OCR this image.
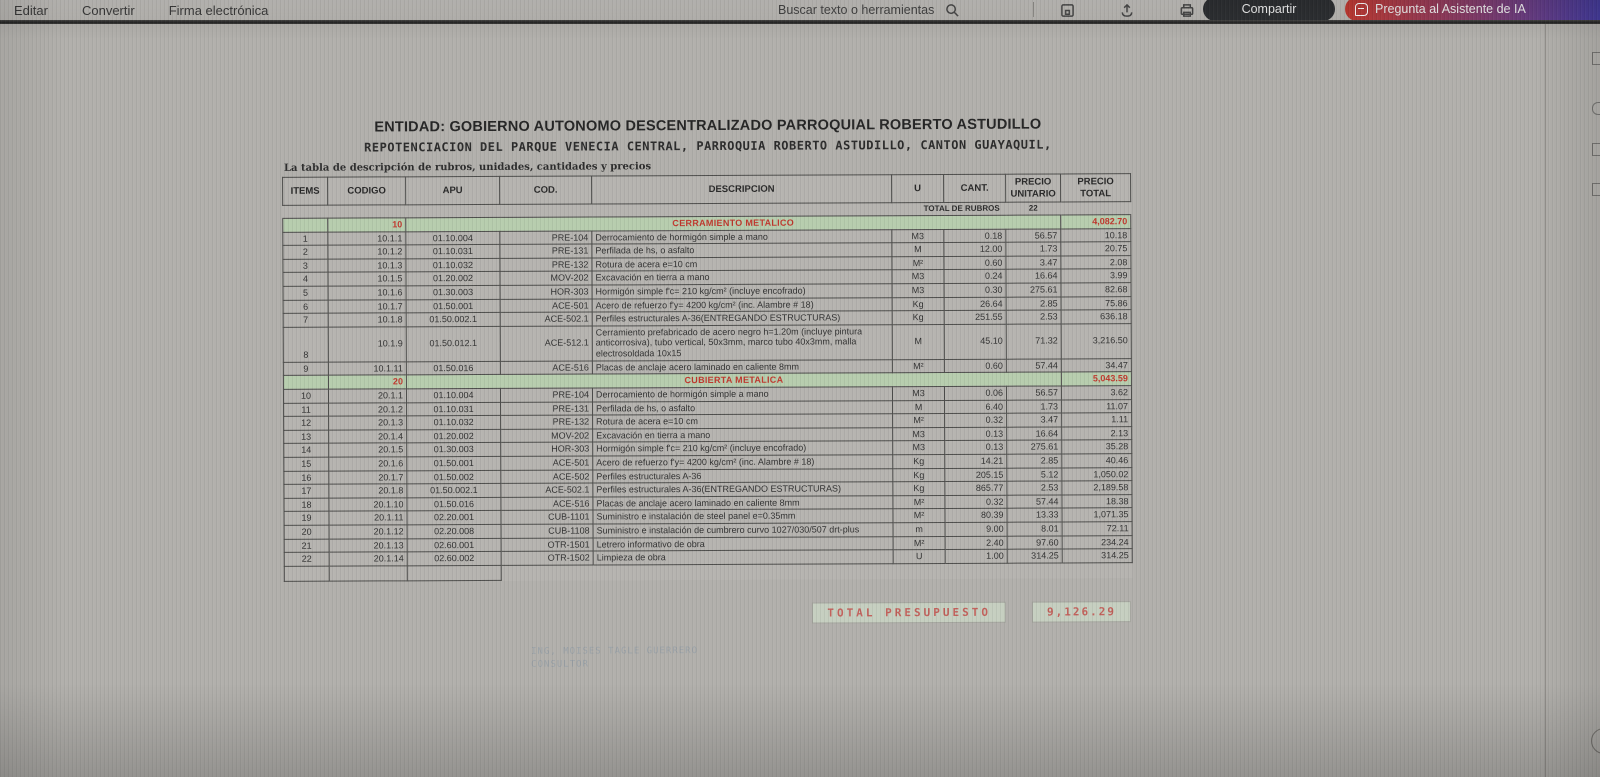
Editar	Convertir	Firma electrónica	Buscar texto o herramientas	Compartir	Pregunta al Asistente de IA
ENTIDAD: GOBIERNO AUTONOMO DESCENTRALIZADO PARROQUIAL ROBERTO ASTUDILLO
REPOTENCIACION DEL PARQUE VENECIA CENTRAL, PARROQUIA ROBERTO ASTUDILLO, CANTON GUAYAQUIL,
La tabla de descripción de rubros, unidades, cantidades y precios
ITEMS	CODIGO	APU	COD.	DESCRIPCION	U	CANT.	PRECIO UNITARIO	PRECIO TOTAL
					TOTAL DE RUBROS		22	
	10	CERRAMIENTO METALICO						4,082.70
1	10.1.1	01.10.004	PRE-104	Derrocamiento de hormigón simple a mano	M3	0.18	56.57	10.18
2	10.1.2	01.10.031	PRE-131	Perfilada de hs, o asfalto	M	12.00	1.73	20.75
3	10.1.3	01.10.032	PRE-132	Rotura de acera e=10 cm	M²	0.60	3.47	2.08
4	10.1.5	01.20.002	MOV-202	Excavación en tierra a mano	M3	0.24	16.64	3.99
5	10.1.6	01.30.003	HOR-303	Hormigón simple f'c= 210 kg/cm² (incluye encofrado)	M3	0.30	275.61	82.68
6	10.1.7	01.50.001	ACE-501	Acero de refuerzo f'y= 4200 kg/cm² (inc. Alambre # 18)	Kg	26.64	2.85	75.86
7	10.1.8	01.50.002.1	ACE-502.1	Perfiles estructurales A-36(ENTREGANDO ESTRUCTURAS)	Kg	251.55	2.53	636.18
8	10.1.9	01.50.012.1	ACE-512.1	Cerramiento prefabricado de acero negro h=1.20m (incluye pintura anticorrosiva), tubo vertical, 50x3mm, marco tubo 40x3mm, malla electrosoldada 10x15	M	45.10	71.32	3,216.50
9	10.1.11	01.50.016	ACE-516	Placas de anclaje acero laminado en caliente 8mm	M²	0.60	57.44	34.47
	20	CUBIERTA METALICA						5,043.59
10	20.1.1	01.10.004	PRE-104	Derrocamiento de hormigón simple a mano	M3	0.06	56.57	3.62
11	20.1.2	01.10.031	PRE-131	Perfilada de hs, o asfalto	M	6.40	1.73	11.07
12	20.1.3	01.10.032	PRE-132	Rotura de acera e=10 cm	M²	0.32	3.47	1.11
13	20.1.4	01.20.002	MOV-202	Excavación en tierra a mano	M3	0.13	16.64	2.13
14	20.1.5	01.30.003	HOR-303	Hormigón simple f'c= 210 kg/cm² (incluye encofrado)	M3	0.13	275.61	35.28
15	20.1.6	01.50.001	ACE-501	Acero de refuerzo f'y= 4200 kg/cm² (inc. Alambre # 18)	Kg	14.21	2.85	40.46
16	20.1.7	01.50.002	ACE-502	Perfiles estructurales A-36	Kg	205.15	5.12	1,050.02
17	20.1.8	01.50.002.1	ACE-502.1	Perfiles estructurales A-36(ENTREGANDO ESTRUCTURAS)	Kg	865.77	2.53	2,189.58
18	20.1.10	01.50.016	ACE-516	Placas de anclaje acero laminado en caliente 8mm	M²	0.32	57.44	18.38
19	20.1.11	02.20.001	CUB-1101	Suministro e instalación de steel panel e=0.35mm	M²	80.39	13.33	1,071.35
20	20.1.12	02.20.008	CUB-1108	Suministro e instalación de cumbrero curvo 1027/030/507 drt-plus	m	9.00	8.01	72.11
21	20.1.13	02.60.001	OTR-1501	Letrero informativo de obra	M²	2.40	97.60	234.24
22	20.1.14	02.60.002	OTR-1502	Limpieza de obra	U	1.00	314.25	314.25

TOTAL PRESUPUESTO	9,126.29
ING, MOISES TAGLE GUERRERO
CONSULTOR
